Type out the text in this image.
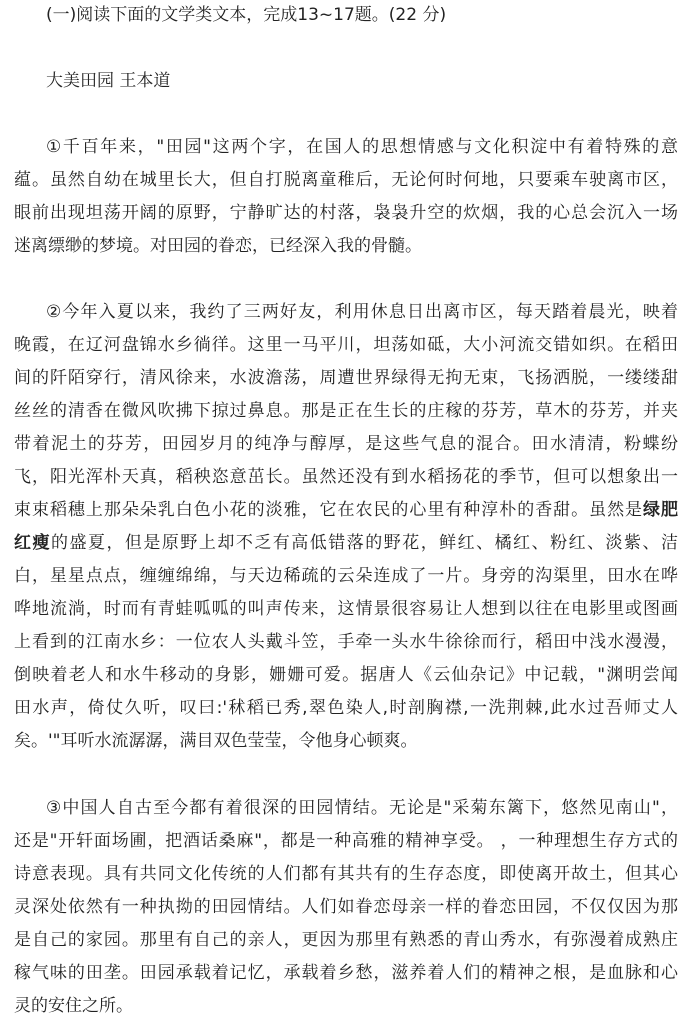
(一)阅读下面的文学类文本，完成13~17题。(22 分)
大美田园 王本道
①千百年来，"田园"这两个字，在国人的思想情感与文化积淀中有着特殊的意
蕴。虽然自幼在城里长大，但自打脱离童稚后，无论何时何地，只要乘车驶离市区，
眼前出现坦荡开阔的原野，宁静旷达的村落，袅袅升空的炊烟，我的心总会沉入一场
迷离缥缈的梦境。对田园的眷恋，已经深入我的骨髓。
②今年入夏以来，我约了三两好友，利用休息日出离市区，每天踏着晨光，映着
晚霞，在辽河盘锦水乡徜徉。这里一马平川，坦荡如砥，大小河流交错如织。在稻田
间的阡陌穿行，清风徐来，水波澹荡，周遭世界绿得无拘无束，飞扬洒脱，一缕缕甜
丝丝的清香在微风吹拂下掠过鼻息。那是正在生长的庄稼的芬芳，草木的芬芳，并夹
带着泥土的芬芳，田园岁月的纯净与醇厚，是这些气息的混合。田水清清，粉蝶纷
飞，阳光浑朴天真，稻秧恣意茁长。虽然还没有到水稻扬花的季节，但可以想象出一
束束稻穗上那朵朵乳白色小花的淡雅，它在农民的心里有种淳朴的香甜。虽然是绿肥
红瘦的盛夏，但是原野上却不乏有高低错落的野花，鲜红、橘红、粉红、淡紫、洁
白，星星点点，缠缠绵绵，与天边稀疏的云朵连成了一片。身旁的沟渠里，田水在哗
哗地流淌，时而有青蛙呱呱的叫声传来，这情景很容易让人想到以往在电影里或图画
上看到的江南水乡：一位农人头戴斗笠，手牵一头水牛徐徐而行，稻田中浅水漫漫，
倒映着老人和水牛移动的身影，姗姗可爱。据唐人《云仙杂记》中记载，"渊明尝闻
田水声，倚仗久听，叹曰:'秫稻已秀,翠色染人,时剖胸襟,一洗荆棘,此水过吾师丈人
矣。'"耳听水流潺潺，满目双色莹莹，令他身心顿爽。
③中国人自古至今都有着很深的田园情结。无论是"采菊东篱下，悠然见南山"，
还是"开轩面场圃，把酒话桑麻"，都是一种高雅的精神享受。 ，一种理想生存方式的
诗意表现。具有共同文化传统的人们都有其共有的生存态度，即使离开故土，但其心
灵深处依然有一种执拗的田园情结。人们如眷恋母亲一样的眷恋田园，不仅仅因为那
是自己的家园。那里有自己的亲人，更因为那里有熟悉的青山秀水，有弥漫着成熟庄
稼气味的田垄。田园承载着记忆，承载着乡愁，滋养着人们的精神之根，是血脉和心
灵的安住之所。
